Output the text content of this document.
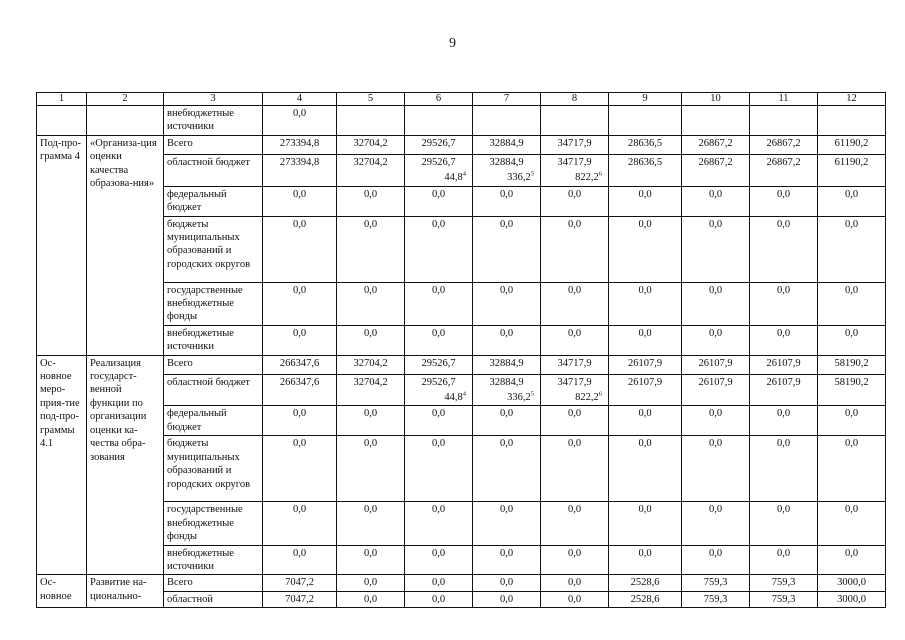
9
1	2	3	4	5	6	7	8	9	10	11	12
		внебюджетные источники	0,0								
Под-про-грамма 4	«Организа-ция оценки качества образова-ния»	Всего	273394,8	32704,2	29526,7	32884,9	34717,9	28636,5	26867,2	26867,2	61190,2
		областной бюджет	273394,8	32704,2	29526,7	32884,9	34717,9	28636,5	26867,2	26867,2	61190,2
					44,8$^4$	336,2$^5$	822,2$^6$
		федеральный бюджет	0,0	0,0	0,0	0,0	0,0	0,0	0,0	0,0	0,0
		бюджеты муниципальных образований и городских округов	0,0	0,0	0,0	0,0	0,0	0,0	0,0	0,0	0,0
		государственные внебюджетные фонды	0,0	0,0	0,0	0,0	0,0	0,0	0,0	0,0	0,0
		внебюджетные источники	0,0	0,0	0,0	0,0	0,0	0,0	0,0	0,0	0,0
Ос-новное меро-прия-тие под-про-граммы 4.1	Реализация государст-венной функции по организации оценки ка-чества обра-зования	Всего	266347,6	32704,2	29526,7	32884,9	34717,9	26107,9	26107,9	26107,9	58190,2
		областной бюджет	266347,6	32704,2	29526,7	32884,9	34717,9	26107,9	26107,9	26107,9	58190,2
					44,8$^4$	336,2$^5$	822,2$^6$
		федеральный бюджет	0,0	0,0	0,0	0,0	0,0	0,0	0,0	0,0	0,0
		бюджеты муниципальных образований и городских округов	0,0	0,0	0,0	0,0	0,0	0,0	0,0	0,0	0,0
		государственные внебюджетные фонды	0,0	0,0	0,0	0,0	0,0	0,0	0,0	0,0	0,0
		внебюджетные источники	0,0	0,0	0,0	0,0	0,0	0,0	0,0	0,0	0,0
Ос-новное	Развитие на-ционально-	Всего	7047,2	0,0	0,0	0,0	0,0	2528,6	759,3	759,3	3000,0
		областной	7047,2	0,0	0,0	0,0	0,0	2528,6	759,3	759,3	3000,0
